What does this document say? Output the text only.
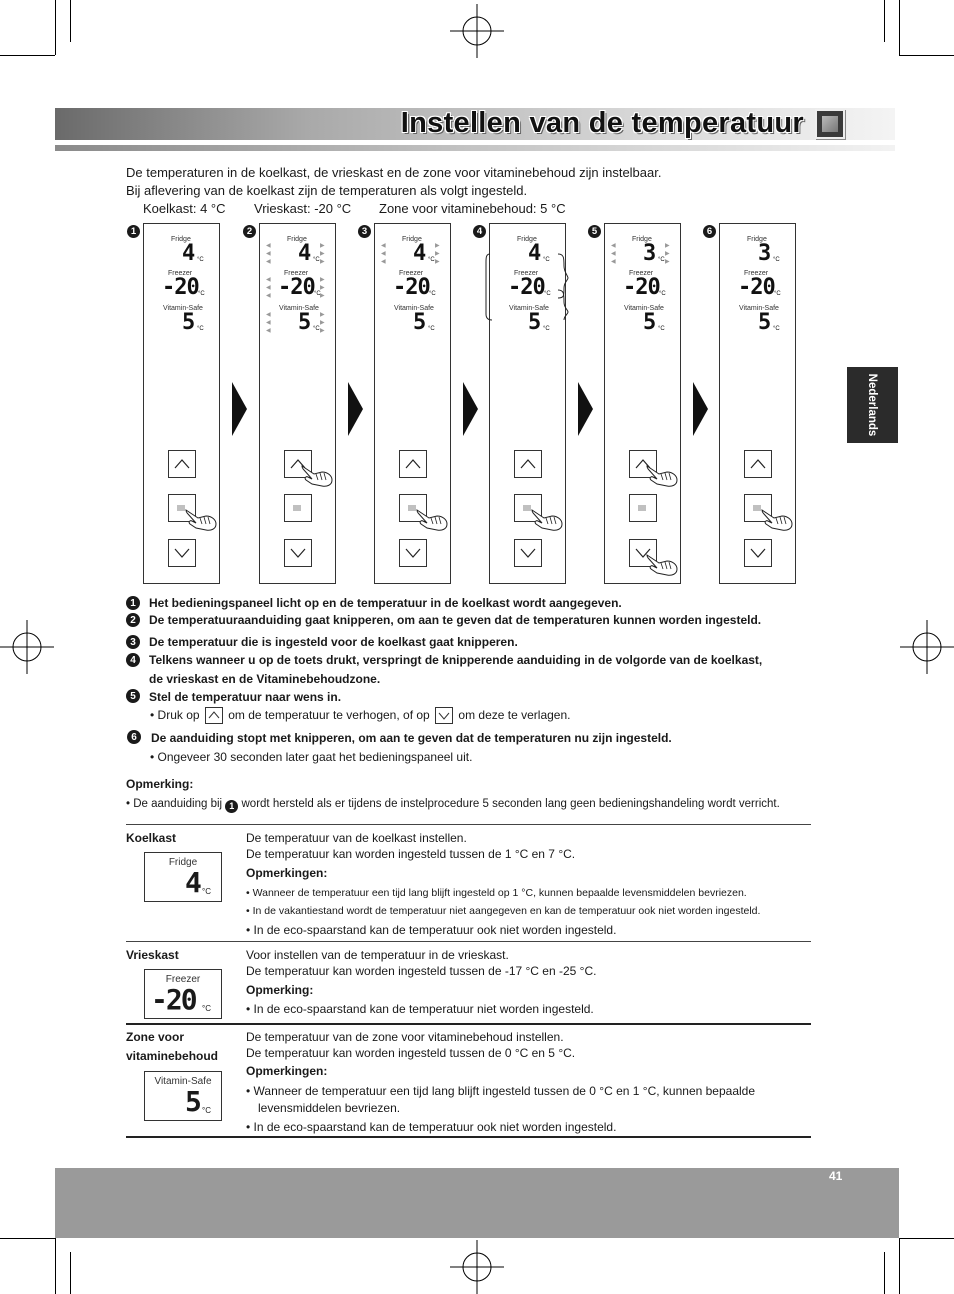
Instellen van de temperatuur
Nederlands
De temperaturen in de koelkast, de vrieskast en de zone voor vitaminebehoud zijn instelbaar.
Bij aflevering van de koelkast zijn de temperaturen als volgt ingesteld.
Koelkast: 4 °C Vrieskast: -20 °C Zone voor vitaminebehoud: 5 °C
1
Fridge
4 °C
Freezer
-20 °C
Vitamin-Safe
5 °C
2
Fridge
4 °C
◀
◀
◀
▶
▶
▶
Freezer
-20 °C
◀
◀
◀
▶
▶
▶
Vitamin-Safe
5 °C
◀
◀
◀
▶
▶
▶
3
Fridge
4 °C
◀
◀
◀
▶
▶
▶
Freezer
-20 °C
Vitamin-Safe
5 °C
4
Fridge
4 °C
Freezer
-20 °C
Vitamin-Safe
5 °C
5
Fridge
3 °C
◀
◀
◀
▶
▶
▶
Freezer
-20 °C
Vitamin-Safe
5 °C
6
Fridge
3 °C
Freezer
-20 °C
Vitamin-Safe
5 °C
1	Het bedieningspaneel licht op en de temperatuur in de koelkast wordt aangegeven.
2	De temperatuuraanduiding gaat knipperen, om aan te geven dat de temperaturen kunnen worden ingesteld.
3	De temperatuur die is ingesteld voor de koelkast gaat knipperen.
4	Telkens wanneer u op de toets drukt, verspringt de knipperende aanduiding in de volgorde van de koelkast,
de vrieskast en de Vitaminebehoudzone.
5	Stel de temperatuur naar wens in.
• Druk op om de temperatuur te verhogen, of op om deze te verlagen.
6	De aanduiding stopt met knipperen, om aan te geven dat de temperaturen nu zijn ingesteld.
• Ongeveer 30 seconden later gaat het bedieningspaneel uit.
Opmerking:
• De aanduiding bij 1 wordt hersteld als er tijdens de instelprocedure 5 seconden lang geen bedieningshandeling wordt verricht.
Koelkast
Fridge
4 °C
De temperatuur van de koelkast instellen.
De temperatuur kan worden ingesteld tussen de 1 °C en 7 °C.
Opmerkingen:
• Wanneer de temperatuur een tijd lang blijft ingesteld op 1 °C, kunnen bepaalde levensmiddelen bevriezen.
• In de vakantiestand wordt de temperatuur niet aangegeven en kan de temperatuur ook niet worden ingesteld.
• In de eco-spaarstand kan de temperatuur ook niet worden ingesteld.
Vrieskast
Freezer
-20 °C
Voor instellen van de temperatuur in de vrieskast.
De temperatuur kan worden ingesteld tussen de -17 °C en -25 °C.
Opmerking:
• In de eco-spaarstand kan de temperatuur niet worden ingesteld.
Zone voor
vitaminebehoud
Vitamin-Safe
5 °C
De temperatuur van de zone voor vitaminebehoud instellen.
De temperatuur kan worden ingesteld tussen de 0 °C en 5 °C.
Opmerkingen:
• Wanneer de temperatuur een tijd lang blijft ingesteld tussen de 0 °C en 1 °C, kunnen bepaalde
levensmiddelen bevriezen.
• In de eco-spaarstand kan de temperatuur ook niet worden ingesteld.
41
